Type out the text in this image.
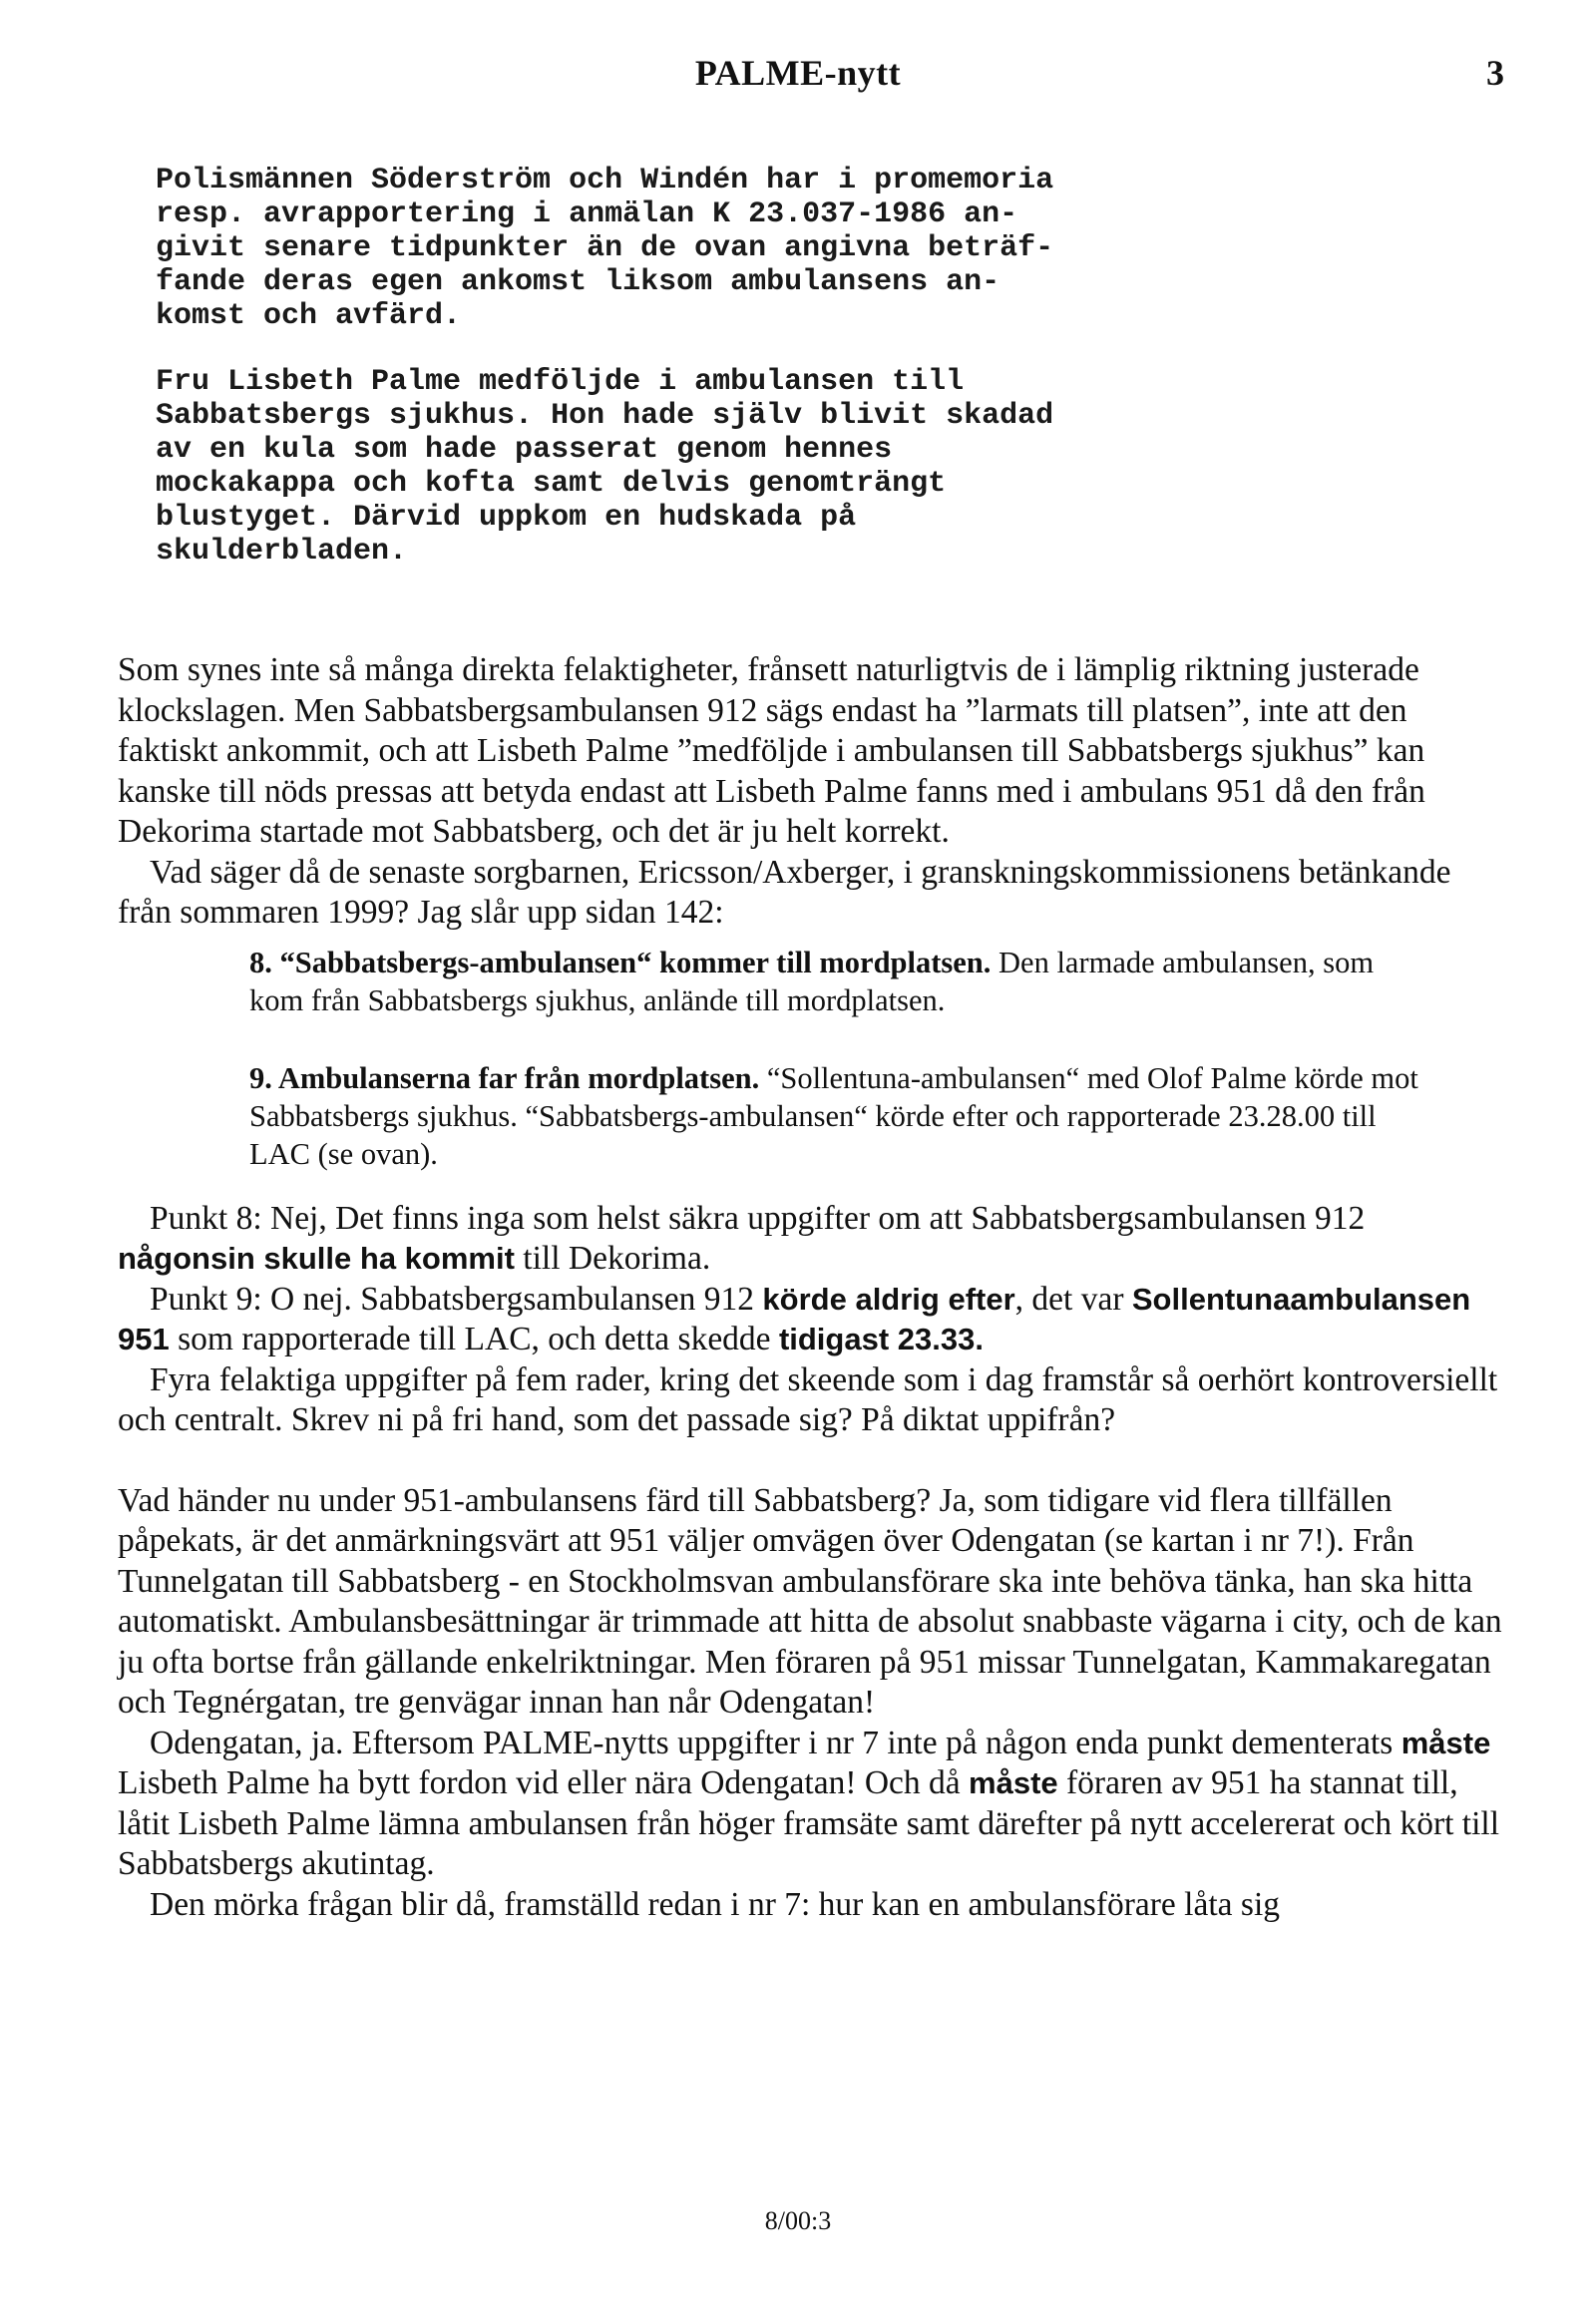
PALME-nytt	3

Polismännen Söderström och Windén har i promemoria
resp. avrapportering i anmälan K 23.037-1986 an-
givit senare tidpunkter än de ovan angivna beträf-
fande deras egen ankomst liksom ambulansens an-
komst och avfärd.

Fru Lisbeth Palme medföljde i ambulansen till
Sabbatsbergs sjukhus. Hon hade själv blivit skadad
av en kula som hade passerat genom hennes
mockakappa och kofta samt delvis genomträngt
blustyget. Därvid uppkom en hudskada på
skulderbladen.

Som synes inte så många direkta felaktigheter, frånsett naturligtvis de i lämplig riktning justerade klockslagen. Men Sabbatsbergsambulansen 912 sägs endast ha ”larmats till platsen”, inte att den faktiskt ankommit, och att Lisbeth Palme ”medföljde i ambulansen till Sabbatsbergs sjukhus” kan kanske till nöds pressas att betyda endast att Lisbeth Palme fanns med i ambulans 951 då den från Dekorima startade mot Sabbatsberg, och det är ju helt korrekt.

Vad säger då de senaste sorgbarnen, Ericsson/Axberger, i granskningskommissionens betänkande från sommaren 1999? Jag slår upp sidan 142:

8. “Sabbatsbergs-ambulansen“ kommer till mordplatsen. Den larmade ambulansen, som kom från Sabbatsbergs sjukhus, anlände till mordplatsen.

9. Ambulanserna far från mordplatsen. “Sollentuna-ambulansen“ med Olof Palme körde mot Sabbatsbergs sjukhus. “Sabbatsbergs-ambulansen“ körde efter och rapporterade 23.28.00 till LAC (se ovan).

Punkt 8: Nej, Det finns inga som helst säkra uppgifter om att Sabbatsbergsambulansen 912 någonsin skulle ha kommit till Dekorima.

Punkt 9: O nej. Sabbatsbergsambulansen 912 körde aldrig efter, det var Sollentunaambulansen 951 som rapporterade till LAC, och detta skedde tidigast 23.33.

Fyra felaktiga uppgifter på fem rader, kring det skeende som i dag framstår så oerhört kontroversiellt och centralt. Skrev ni på fri hand, som det passade sig? På diktat uppifrån?

Vad händer nu under 951-ambulansens färd till Sabbatsberg? Ja, som tidigare vid flera tillfällen påpekats, är det anmärkningsvärt att 951 väljer omvägen över Odengatan (se kartan i nr 7!). Från Tunnelgatan till Sabbatsberg - en Stockholmsvan ambulansförare ska inte behöva tänka, han ska hitta automatiskt. Ambulansbesättningar är trimmade att hitta de absolut snabbaste vägarna i city, och de kan ju ofta bortse från gällande enkelriktningar. Men föraren på 951 missar Tunnelgatan, Kammakaregatan och Tegnérgatan, tre genvägar innan han når Odengatan!

Odengatan, ja. Eftersom PALME-nytts uppgifter i nr 7 inte på någon enda punkt dementerats måste Lisbeth Palme ha bytt fordon vid eller nära Odengatan! Och då måste föraren av 951 ha stannat till, låtit Lisbeth Palme lämna ambulansen från höger framsäte samt därefter på nytt accelererat och kört till Sabbatsbergs akutintag.

Den mörka frågan blir då, framställd redan i nr 7: hur kan en ambulansförare låta sig

8/00:3
